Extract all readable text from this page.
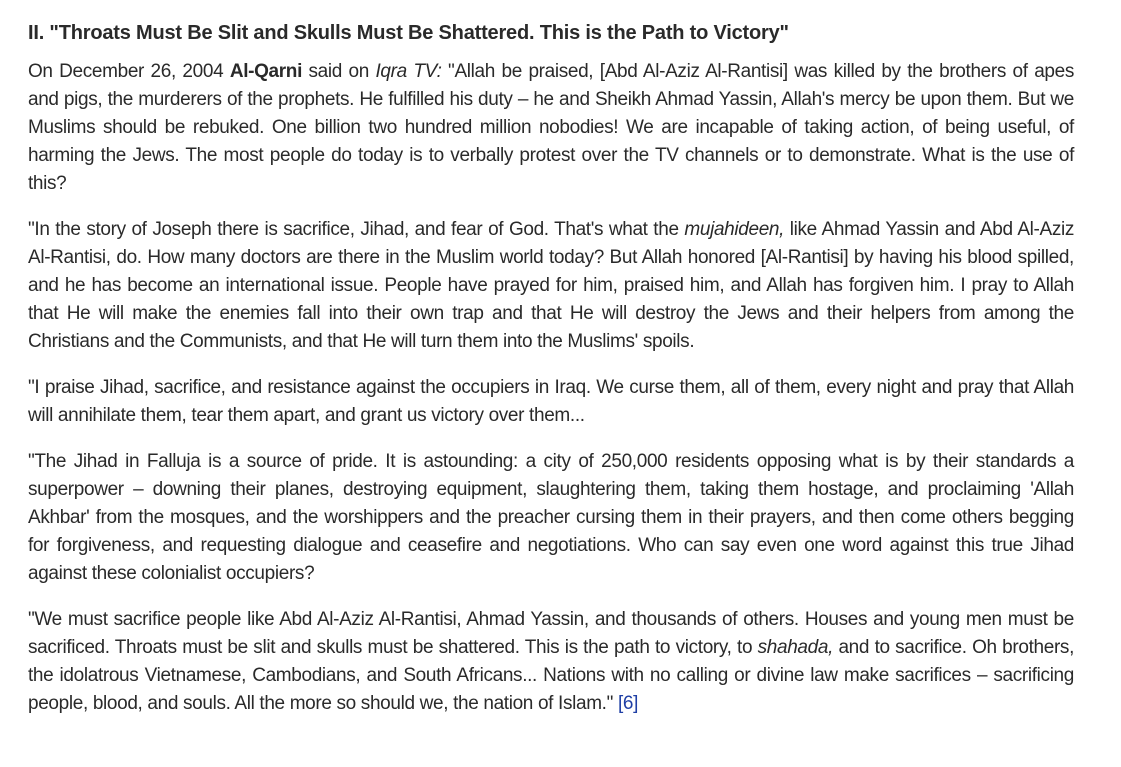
II. "Throats Must Be Slit and Skulls Must Be Shattered. This is the Path to Victory"

On December 26, 2004 Al-Qarni said on Iqra TV: "Allah be praised, [Abd Al-Aziz Al-Rantisi] was killed by the brothers of apes and pigs, the murderers of the prophets. He fulfilled his duty – he and Sheikh Ahmad Yassin, Allah's mercy be upon them. But we Muslims should be rebuked. One billion two hundred million nobodies! We are incapable of taking action, of being useful, of harming the Jews. The most people do today is to verbally protest over the TV channels or to demonstrate. What is the use of this?

"In the story of Joseph there is sacrifice, Jihad, and fear of God. That's what the mujahideen, like Ahmad Yassin and Abd Al-Aziz Al-Rantisi, do. How many doctors are there in the Muslim world today? But Allah honored [Al-Rantisi] by having his blood spilled, and he has become an international issue. People have prayed for him, praised him, and Allah has forgiven him. I pray to Allah that He will make the enemies fall into their own trap and that He will destroy the Jews and their helpers from among the Christians and the Communists, and that He will turn them into the Muslims' spoils.

"I praise Jihad, sacrifice, and resistance against the occupiers in Iraq. We curse them, all of them, every night and pray that Allah will annihilate them, tear them apart, and grant us victory over them...

"The Jihad in Falluja is a source of pride. It is astounding: a city of 250,000 residents opposing what is by their standards a superpower – downing their planes, destroying equipment, slaughtering them, taking them hostage, and proclaiming 'Allah Akhbar' from the mosques, and the worshippers and the preacher cursing them in their prayers, and then come others begging for forgiveness, and requesting dialogue and ceasefire and negotiations. Who can say even one word against this true Jihad against these colonialist occupiers?

"We must sacrifice people like Abd Al-Aziz Al-Rantisi, Ahmad Yassin, and thousands of others. Houses and young men must be sacrificed. Throats must be slit and skulls must be shattered. This is the path to victory, to shahada, and to sacrifice. Oh brothers, the idolatrous Vietnamese, Cambodians, and South Africans... Nations with no calling or divine law make sacrifices – sacrificing people, blood, and souls. All the more so should we, the nation of Islam." [6]
